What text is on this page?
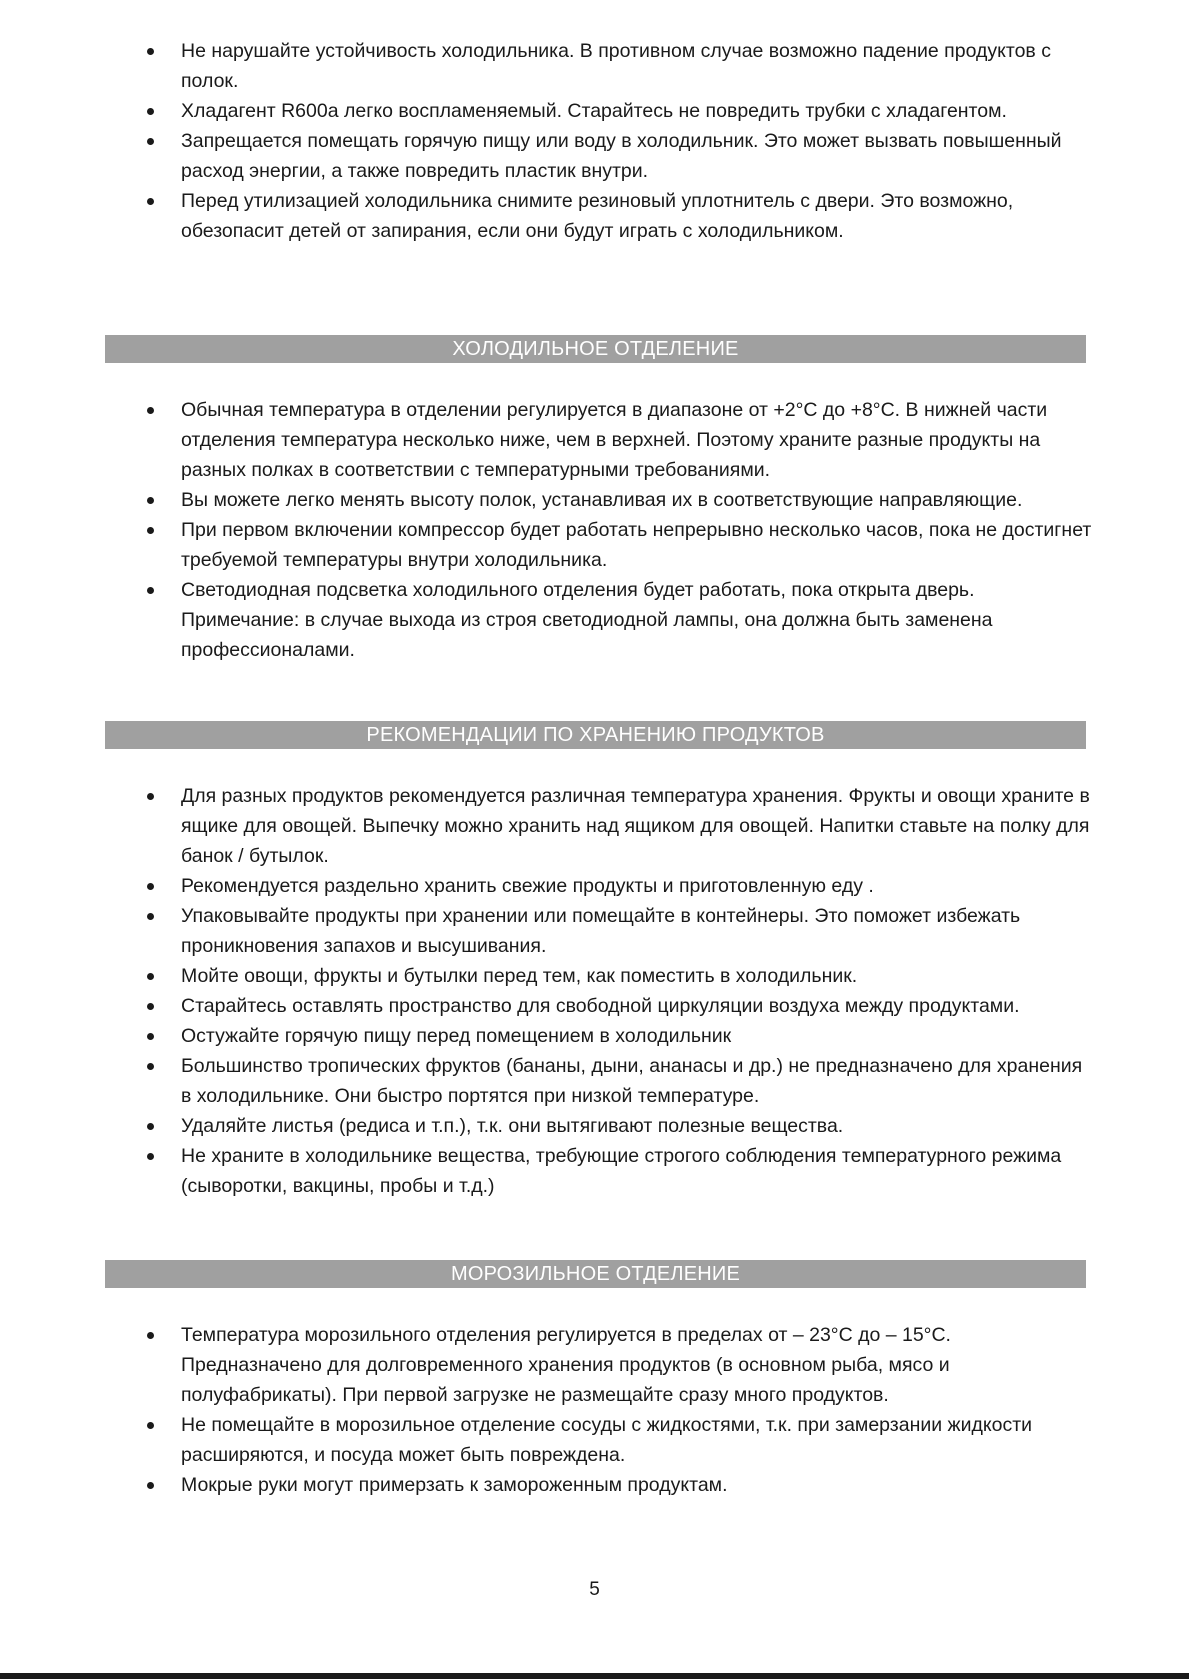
Не нарушайте устойчивость холодильника. В противном случае возможно падение продуктов с полок.
Хладагент R600a легко воспламеняемый. Старайтесь не повредить трубки с хладагентом.
Запрещается помещать горячую пищу или воду в холодильник. Это может вызвать повышенный расход энергии, а также повредить пластик внутри.
Перед утилизацией холодильника снимите резиновый уплотнитель с двери. Это возможно, обезопасит детей от запирания, если они будут играть с холодильником.
ХОЛОДИЛЬНОЕ ОТДЕЛЕНИЕ
Обычная температура в отделении регулируется в диапазоне от +2°С до +8°С. В нижней части отделения температура несколько ниже, чем в верхней. Поэтому храните разные продукты на разных полках в соответствии с температурными требованиями.
Вы можете легко менять высоту полок, устанавливая их в соответствующие направляющие.
При первом включении компрессор будет работать непрерывно несколько часов, пока не достигнет требуемой температуры внутри холодильника.
Светодиодная подсветка холодильного отделения будет работать, пока открыта дверь. Примечание: в случае выхода из строя светодиодной лампы, она должна быть заменена профессионалами.
РЕКОМЕНДАЦИИ ПО ХРАНЕНИЮ ПРОДУКТОВ
Для разных продуктов рекомендуется различная температура хранения. Фрукты и овощи храните в ящике для овощей. Выпечку можно хранить над ящиком для овощей. Напитки ставьте на полку для банок / бутылок.
Рекомендуется раздельно хранить свежие продукты и приготовленную еду .
Упаковывайте продукты при хранении или помещайте в контейнеры. Это поможет избежать проникновения запахов и высушивания.
Мойте овощи, фрукты и бутылки перед тем, как поместить в холодильник.
Старайтесь оставлять пространство для свободной циркуляции воздуха между продуктами.
Остужайте горячую пищу перед помещением в холодильник
Большинство тропических фруктов (бананы, дыни, ананасы и др.) не предназначено для хранения в холодильнике. Они быстро портятся при низкой температуре.
Удаляйте листья (редиса и т.п.), т.к. они вытягивают полезные вещества.
Не храните в холодильнике вещества, требующие строгого соблюдения температурного режима (сыворотки, вакцины, пробы и т.д.)
МОРОЗИЛЬНОЕ ОТДЕЛЕНИЕ
Температура морозильного отделения регулируется в пределах от – 23°С до – 15°С. Предназначено для долговременного хранения продуктов (в основном рыба, мясо и полуфабрикаты). При первой загрузке не размещайте сразу много продуктов.
Не помещайте в морозильное отделение сосуды с жидкостями, т.к. при замерзании жидкости расширяются, и посуда может быть повреждена.
Мокрые руки могут примерзать к замороженным продуктам.
5
